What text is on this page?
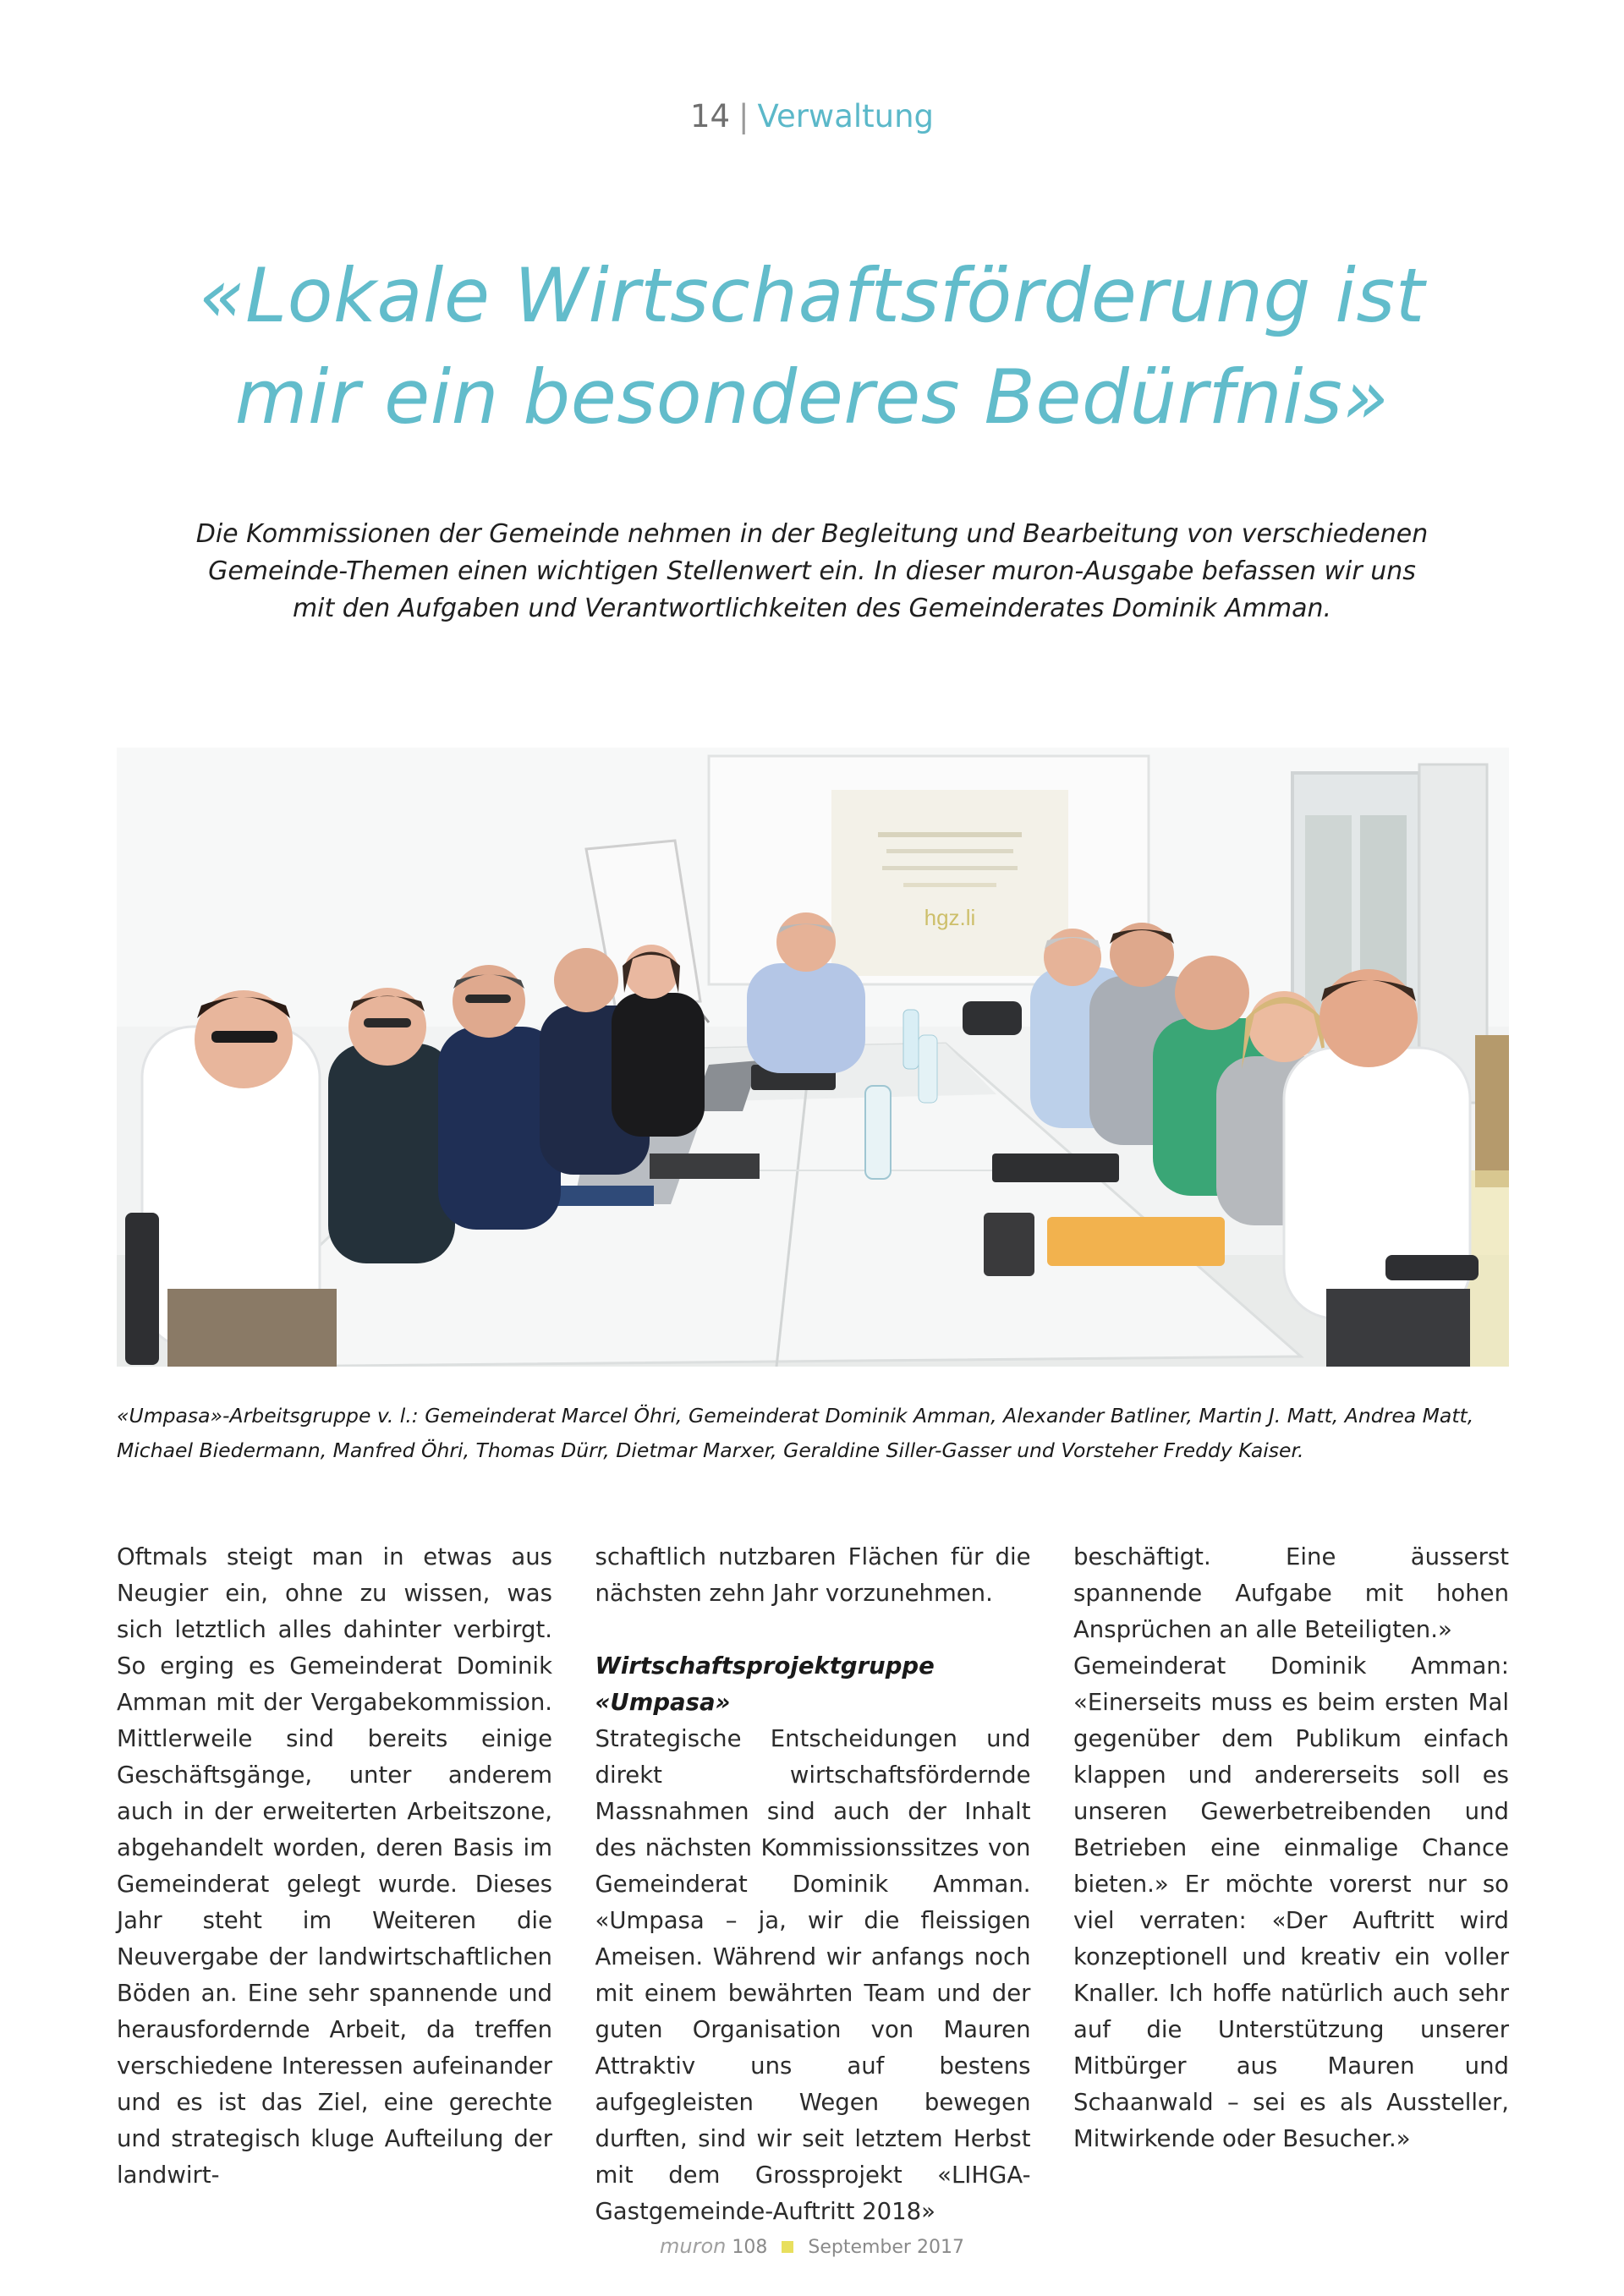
14 | Verwaltung
«Lokale Wirtschaftsförderung ist
mir ein besonderes Bedürfnis»
Die Kommissionen der Gemeinde nehmen in der Begleitung und Bearbeitung von verschiedenen
Gemeinde-Themen einen wichtigen Stellenwert ein. In dieser muron-Ausgabe befassen wir uns
mit den Aufgaben und Verantwortlichkeiten des Gemeinderates Dominik Amman.
hgz.li
«Umpasa»-Arbeitsgruppe v. l.: Gemeinderat Marcel Öhri, Gemeinderat Dominik Amman, Alexander Batliner, Martin J. Matt, Andrea Matt,
Michael Biedermann, Manfred Öhri, Thomas Dürr, Dietmar Marxer, Geraldine Siller-Gasser und Vorsteher Freddy Kaiser.

Oftmals steigt man in etwas aus Neugier ein, ohne zu wissen, was sich letztlich alles dahinter verbirgt. So erging es Gemeinderat Dominik Amman mit der Vergabekommission. Mittlerweile sind bereits einige Geschäftsgänge, unter anderem auch in der erweiterten Arbeitszone, abgehandelt worden, deren Basis im Gemeinderat gelegt wurde. Dieses Jahr steht im Weiteren die Neuvergabe der landwirtschaftlichen Böden an. Eine sehr spannende und herausfordernde Arbeit, da treffen verschiedene Interessen aufeinander und es ist das Ziel, eine gerechte und strategisch kluge Aufteilung der landwirt-

schaftlich nutzbaren Flächen für die nächsten zehn Jahr vorzunehmen.

Wirtschaftsprojektgruppe «Umpasa»

Strategische Entscheidungen und direkt wirtschaftsfördernde Massnahmen sind auch der Inhalt des nächsten Kommissionssitzes von Gemeinderat Dominik Amman. «Umpasa – ja, wir die fleissigen Ameisen. Während wir anfangs noch mit einem bewährten Team und der guten Organisation von Mauren Attraktiv uns auf bestens aufgegleisten Wegen bewegen durften, sind wir seit letztem Herbst mit dem Grossprojekt «LIHGA-Gastgemeinde-Auftritt 2018»

beschäftigt. Eine äusserst spannende Aufgabe mit hohen Ansprüchen an alle Beteiligten.»

Gemeinderat Dominik Amman: «Einerseits muss es beim ersten Mal gegenüber dem Publikum einfach klappen und andererseits soll es unseren Gewerbetreibenden und Betrieben eine einmalige Chance bieten.» Er möchte vorerst nur so viel verraten: «Der Auftritt wird konzeptionell und kreativ ein voller Knaller. Ich hoffe natürlich auch sehr auf die Unterstützung unserer Mitbürger aus Mauren und Schaanwald – sei es als Aussteller, Mitwirkende oder Besucher.»

muron 108 September 2017
